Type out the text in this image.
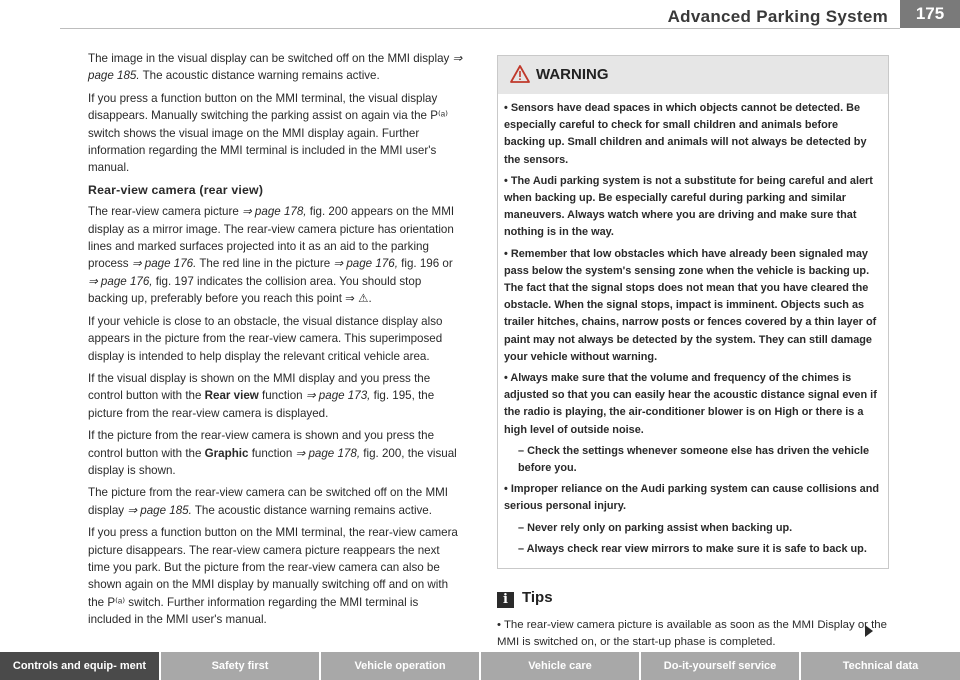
Advanced Parking System	175

The image in the visual display can be switched off on the MMI display ⇒ page 185. The acoustic distance warning remains active.

If you press a function button on the MMI terminal, the visual display disappears. Manually switching the parking assist on again via the P⁽ᵃ⁾ switch shows the visual image on the MMI display again. Further information regarding the MMI terminal is included in the MMI user's manual.

Rear-view camera (rear view)

The rear-view camera picture ⇒ page 178, fig. 200 appears on the MMI display as a mirror image. The rear-view camera picture has orientation lines and marked surfaces projected into it as an aid to the parking process ⇒ page 176. The red line in the picture ⇒ page 176, fig. 196 or ⇒ page 176, fig. 197 indicates the collision area. You should stop backing up, preferably before you reach this point ⇒ ⚠.

If your vehicle is close to an obstacle, the visual distance display also appears in the picture from the rear-view camera. This superimposed display is intended to help display the relevant critical vehicle area.

If the visual display is shown on the MMI display and you press the control button with the Rear view function ⇒ page 173, fig. 195, the picture from the rear-view camera is displayed.

If the picture from the rear-view camera is shown and you press the control button with the Graphic function ⇒ page 178, fig. 200, the visual display is shown.

The picture from the rear-view camera can be switched off on the MMI display ⇒ page 185. The acoustic distance warning remains active.

If you press a function button on the MMI terminal, the rear-view camera picture disappears. The rear-view camera picture reappears the next time you park. But the picture from the rear-view camera can also be shown again on the MMI display by manually switching off and on with the P⁽ᵃ⁾ switch. Further information regarding the MMI terminal is included in the MMI user's manual.

WARNING

• Sensors have dead spaces in which objects cannot be detected. Be especially careful to check for small children and animals before backing up. Small children and animals will not always be detected by the sensors.

• The Audi parking system is not a substitute for being careful and alert when backing up. Be especially careful during parking and similar maneuvers. Always watch where you are driving and make sure that nothing is in the way.

• Remember that low obstacles which have already been signaled may pass below the system's sensing zone when the vehicle is backing up. The fact that the signal stops does not mean that you have cleared the obstacle. When the signal stops, impact is imminent. Objects such as trailer hitches, chains, narrow posts or fences covered by a thin layer of paint may not always be detected by the system. They can still damage your vehicle without warning.

• Always make sure that the volume and frequency of the chimes is adjusted so that you can easily hear the acoustic distance signal even if the radio is playing, the air-conditioner blower is on High or there is a high level of outside noise.

– Check the settings whenever someone else has driven the vehicle before you.

• Improper reliance on the Audi parking system can cause collisions and serious personal injury.

– Never rely only on parking assist when backing up.

– Always check rear view mirrors to make sure it is safe to back up.

i Tips
• The rear-view camera picture is available as soon as the MMI Display or the MMI is switched on, or the start-up phase is completed.
Controls and equip- ment	Safety first	Vehicle operation	Vehicle care	Do-it-yourself service	Technical data
